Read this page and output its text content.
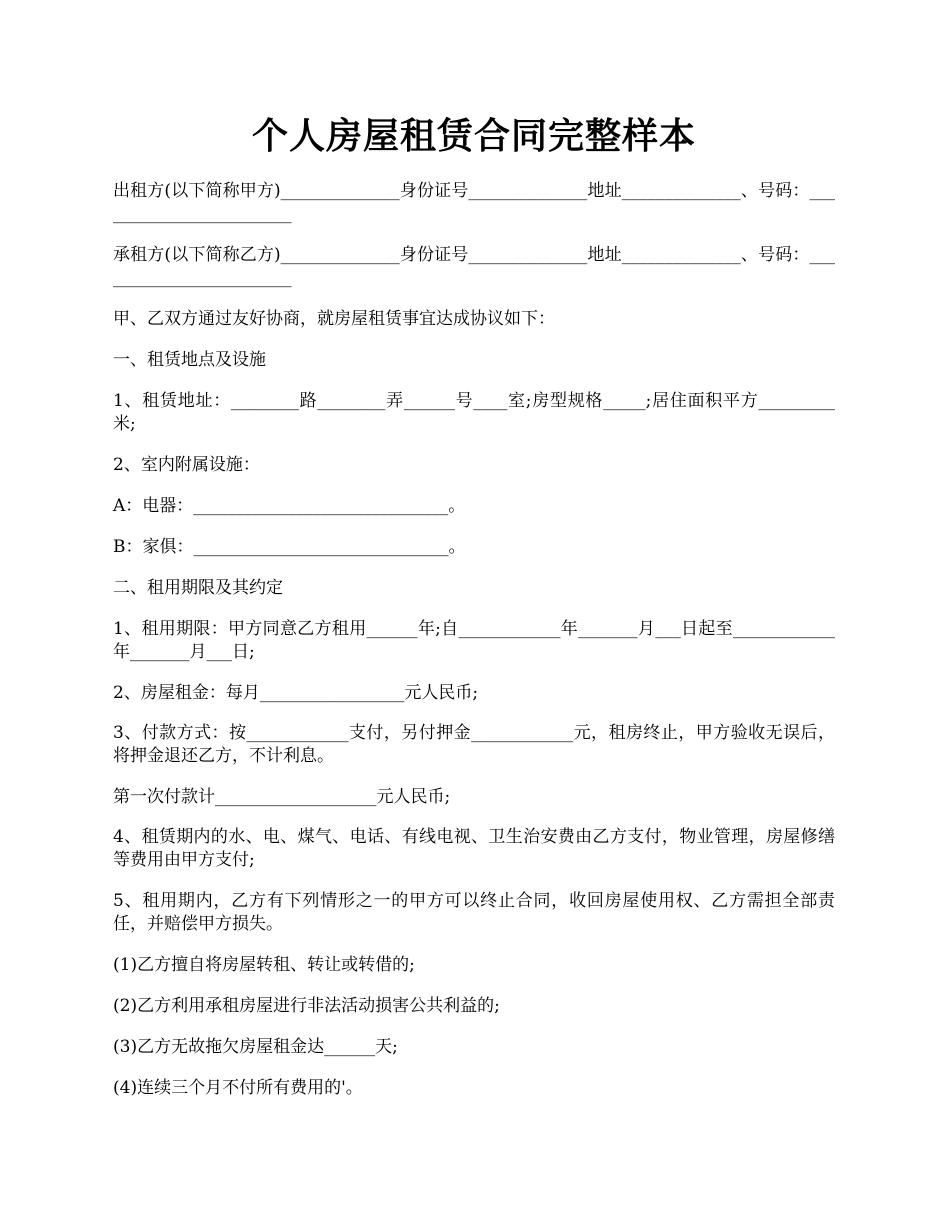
个人房屋租赁合同完整样本
出租方(以下简称甲方)______________身份证号______________地址______________、号码：________________________
承租方(以下简称乙方)______________身份证号______________地址______________、号码：________________________
甲、乙双方通过友好协商，就房屋租赁事宜达成协议如下：
一、租赁地点及设施
1、租赁地址：________路________弄______号____室;房型规格_____;居住面积平方_________米;
2、室内附属设施：
A：电器：______________________________。
B：家俱：______________________________。
二、租用期限及其约定
1、租用期限：甲方同意乙方租用______年;自____________年_______月___日起至____________年_______月___日;
2、房屋租金：每月_________________元人民币;
3、付款方式：按____________支付，另付押金____________元，租房终止，甲方验收无误后，将押金退还乙方，不计利息。
第一次付款计___________________元人民币;
4、租赁期内的水、电、煤气、电话、有线电视、卫生治安费由乙方支付，物业管理，房屋修缮等费用由甲方支付;
5、租用期内，乙方有下列情形之一的甲方可以终止合同，收回房屋使用权、乙方需担全部责任，并赔偿甲方损失。
(1)乙方擅自将房屋转租、转让或转借的;
(2)乙方利用承租房屋进行非法活动损害公共利益的;
(3)乙方无故拖欠房屋租金达______天;
(4)连续三个月不付所有费用的'。
